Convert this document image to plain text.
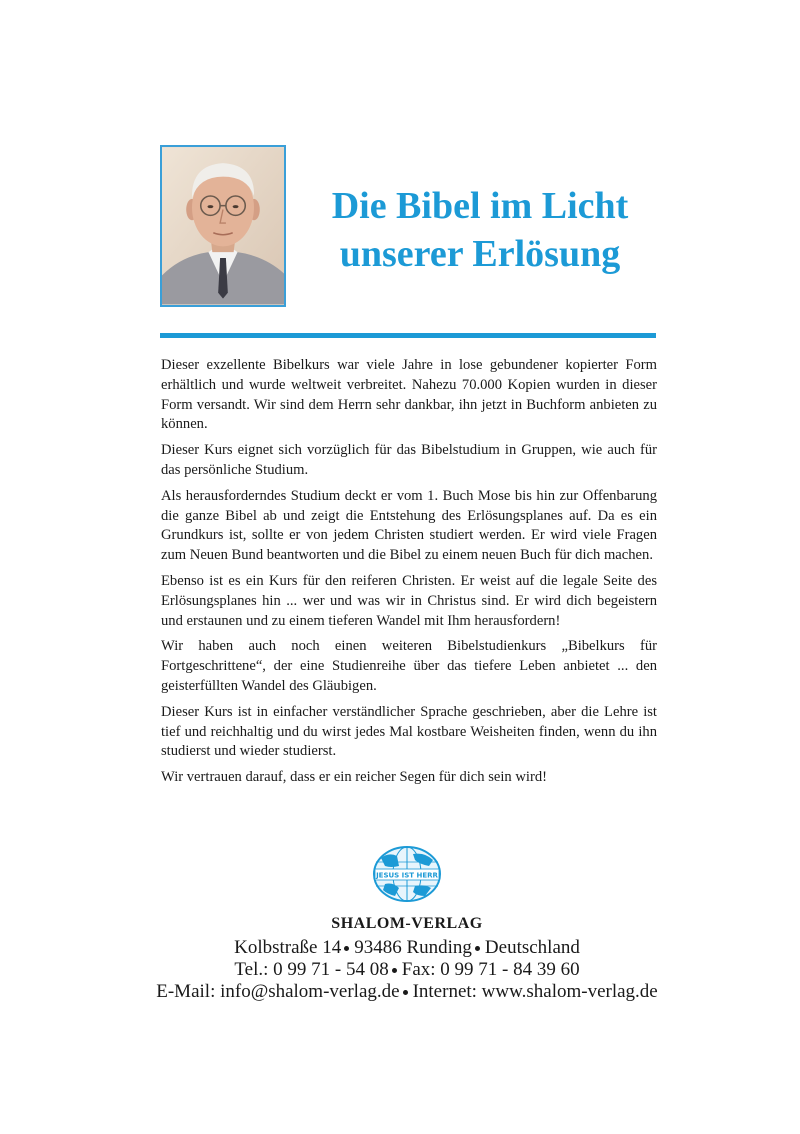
Die Bibel im Licht
unserer Erlösung

Dieser exzellente Bibelkurs war viele Jahre in lose gebundener kopierter Form erhältlich und wurde weltweit verbreitet. Nahezu 70.000 Kopien wurden in dieser Form versandt. Wir sind dem Herrn sehr dankbar, ihn jetzt in Buchform anbieten zu können.

Dieser Kurs eignet sich vorzüglich für das Bibelstudium in Gruppen, wie auch für das persönliche Studium.

Als herausforderndes Studium deckt er vom 1. Buch Mose bis hin zur Offenbarung die ganze Bibel ab und zeigt die Entstehung des Erlösungsplanes auf. Da es ein Grundkurs ist, sollte er von jedem Christen studiert werden. Er wird viele Fragen zum Neuen Bund beantworten und die Bibel zu einem neuen Buch für dich machen.

Ebenso ist es ein Kurs für den reiferen Christen. Er weist auf die legale Seite des Erlösungsplanes hin ... wer und was wir in Christus sind. Er wird dich begeistern und erstaunen und zu einem tieferen Wandel mit Ihm herausfordern!

Wir haben auch noch einen weiteren Bibelstudienkurs „Bibelkurs für Fortgeschrittene“, der eine Studienreihe über das tiefere Leben anbietet ... den geisterfüllten Wandel des Gläubigen.

Dieser Kurs ist in einfacher verständlicher Sprache geschrieben, aber die Lehre ist tief und reichhaltig und du wirst jedes Mal kostbare Weisheiten finden, wenn du ihn studierst und wieder studierst.

Wir vertrauen darauf, dass er ein reicher Segen für dich sein wird!

JESUS IST HERR
SHALOM-VERLAG
Kolbstraße 14 93486 Runding Deutschland
Tel.: 0 99 71 - 54 08 Fax: 0 99 71 - 84 39 60
E-Mail: info@shalom-verlag.de Internet: www.shalom-verlag.de
